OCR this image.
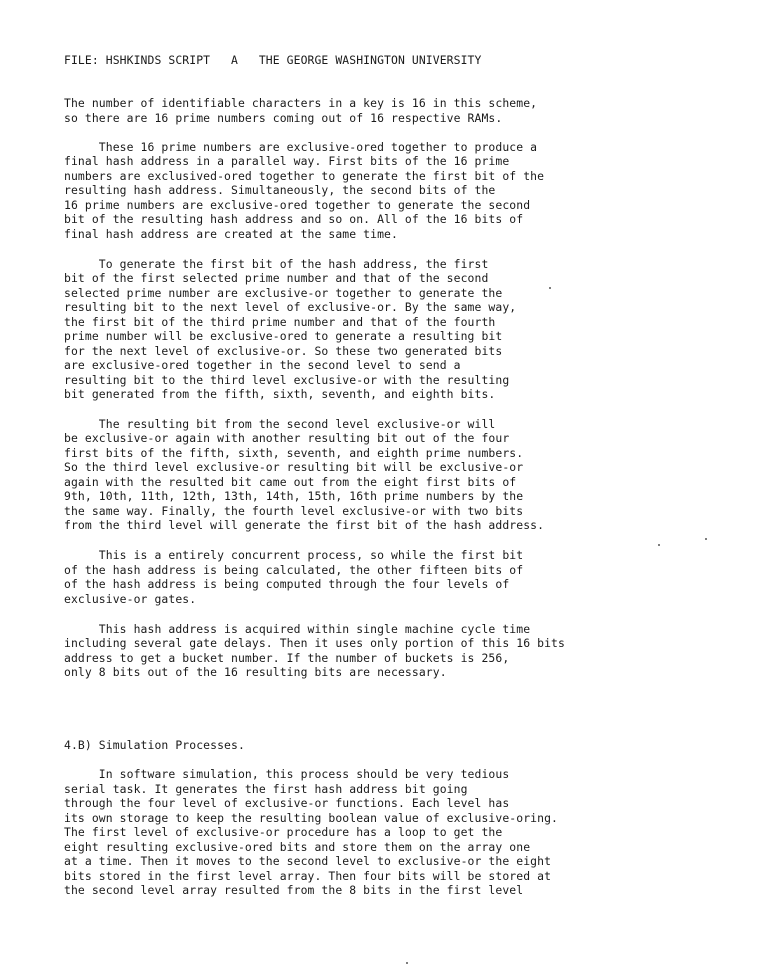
FILE: HSHKINDS SCRIPT   A   THE GEORGE WASHINGTON UNIVERSITY
The number of identifiable characters in a key is 16 in this scheme,
so there are 16 prime numbers coming out of 16 respective RAMs.
These 16 prime numbers are exclusive-ored together to produce a
final hash address in a parallel way. First bits of the 16 prime
numbers are exclusived-ored together to generate the first bit of the
resulting hash address. Simultaneously, the second bits of the
16 prime numbers are exclusive-ored together to generate the second
bit of the resulting hash address and so on. All of the 16 bits of
final hash address are created at the same time.
To generate the first bit of the hash address, the first
bit of the first selected prime number and that of the second
selected prime number are exclusive-or together to generate the
resulting bit to the next level of exclusive-or. By the same way,
the first bit of the third prime number and that of the fourth
prime number will be exclusive-ored to generate a resulting bit
for the next level of exclusive-or. So these two generated bits
are exclusive-ored together in the second level to send a
resulting bit to the third level exclusive-or with the resulting
bit generated from the fifth, sixth, seventh, and eighth bits.
The resulting bit from the second level exclusive-or will
be exclusive-or again with another resulting bit out of the four
first bits of the fifth, sixth, seventh, and eighth prime numbers.
So the third level exclusive-or resulting bit will be exclusive-or
again with the resulted bit came out from the eight first bits of
9th, 10th, 11th, 12th, 13th, 14th, 15th, 16th prime numbers by the
the same way. Finally, the fourth level exclusive-or with two bits
from the third level will generate the first bit of the hash address.
This is a entirely concurrent process, so while the first bit
of the hash address is being calculated, the other fifteen bits of
of the hash address is being computed through the four levels of
exclusive-or gates.
This hash address is acquired within single machine cycle time
including several gate delays. Then it uses only portion of this 16 bits
address to get a bucket number. If the number of buckets is 256,
only 8 bits out of the 16 resulting bits are necessary.
4.B) Simulation Processes.
In software simulation, this process should be very tedious
serial task. It generates the first hash address bit going
through the four level of exclusive-or functions. Each level has
its own storage to keep the resulting boolean value of exclusive-oring.
The first level of exclusive-or procedure has a loop to get the
eight resulting exclusive-ored bits and store them on the array one
at a time. Then it moves to the second level to exclusive-or the eight
bits stored in the first level array. Then four bits will be stored at
the second level array resulted from the 8 bits in the first level
